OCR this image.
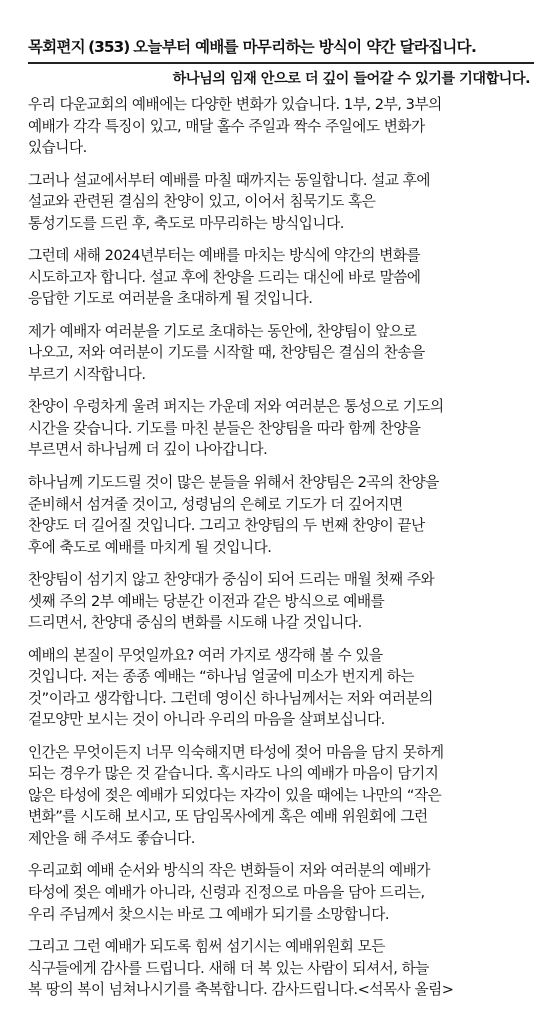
목회편지 (353) 오늘부터 예배를 마무리하는 방식이 약간 달라집니다.
하나님의 임재 안으로 더 깊이 들어갈 수 있기를 기대합니다.

우리 다운교회의 예배에는 다양한 변화가 있습니다. 1부, 2부, 3부의
예배가 각각 특징이 있고, 매달 홀수 주일과 짝수 주일에도 변화가
있습니다.

그러나 설교에서부터 예배를 마칠 때까지는 동일합니다. 설교 후에
설교와 관련된 결심의 찬양이 있고, 이어서 침묵기도 혹은
통성기도를 드린 후, 축도로 마무리하는 방식입니다.

그런데 새해 2024년부터는 예배를 마치는 방식에 약간의 변화를
시도하고자 합니다. 설교 후에 찬양을 드리는 대신에 바로 말씀에
응답한 기도로 여러분을 초대하게 될 것입니다.

제가 예배자 여러분을 기도로 초대하는 동안에, 찬양팀이 앞으로
나오고, 저와 여러분이 기도를 시작할 때, 찬양팀은 결심의 찬송을
부르기 시작합니다.

찬양이 우렁차게 울려 퍼지는 가운데 저와 여러분은 통성으로 기도의
시간을 갖습니다. 기도를 마친 분들은 찬양팀을 따라 함께 찬양을
부르면서 하나님께 더 깊이 나아갑니다.

하나님께 기도드릴 것이 많은 분들을 위해서 찬양팀은 2곡의 찬양을
준비해서 섬겨줄 것이고, 성령님의 은혜로 기도가 더 깊어지면
찬양도 더 길어질 것입니다. 그리고 찬양팀의 두 번째 찬양이 끝난
후에 축도로 예배를 마치게 될 것입니다.

찬양팀이 섬기지 않고 찬양대가 중심이 되어 드리는 매월 첫째 주와
셋째 주의 2부 예배는 당분간 이전과 같은 방식으로 예배를
드리면서, 찬양대 중심의 변화를 시도해 나갈 것입니다.

예배의 본질이 무엇일까요? 여러 가지로 생각해 볼 수 있을
것입니다. 저는 종종 예배는 “하나님 얼굴에 미소가 번지게 하는
것”이라고 생각합니다. 그런데 영이신 하나님께서는 저와 여러분의
겉모양만 보시는 것이 아니라 우리의 마음을 살펴보십니다.

인간은 무엇이든지 너무 익숙해지면 타성에 젖어 마음을 담지 못하게
되는 경우가 많은 것 같습니다. 혹시라도 나의 예배가 마음이 담기지
않은 타성에 젖은 예배가 되었다는 자각이 있을 때에는 나만의 “작은
변화”를 시도해 보시고, 또 담임목사에게 혹은 예배 위원회에 그런
제안을 해 주셔도 좋습니다.

우리교회 예배 순서와 방식의 작은 변화들이 저와 여러분의 예배가
타성에 젖은 예배가 아니라, 신령과 진정으로 마음을 담아 드리는,
우리 주님께서 찾으시는 바로 그 예배가 되기를 소망합니다.

그리고 그런 예배가 되도록 힘써 섬기시는 예배위원회 모든
식구들에게 감사를 드립니다. 새해 더 복 있는 사람이 되셔서, 하늘
복 땅의 복이 넘쳐나시기를 축복합니다. 감사드립니다.<석목사 올림>
